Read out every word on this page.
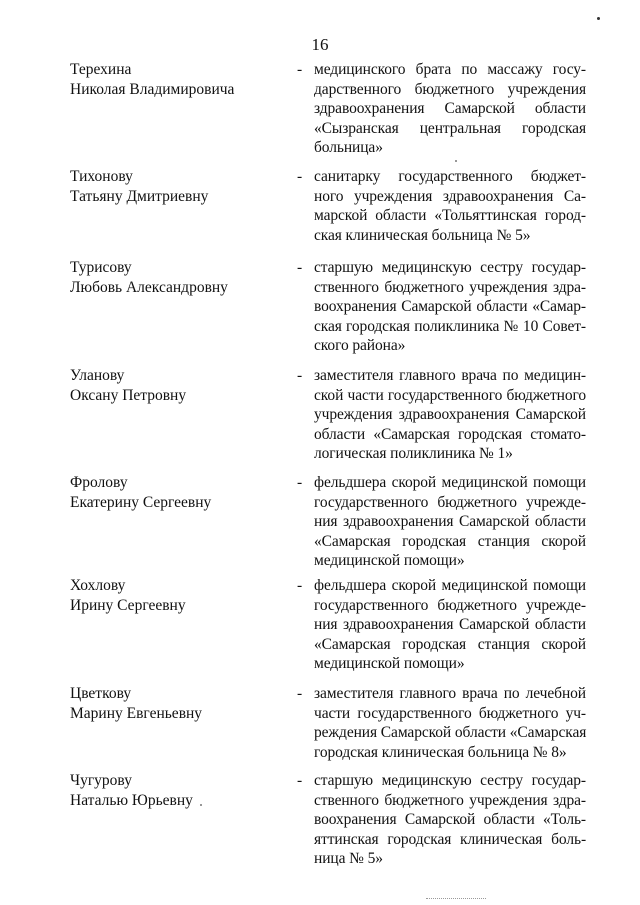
16
Терехина
Николая Владимировича
- медицинского брата по массажу госу-
дарственного бюджетного учреждения
здравоохранения Самарской области
«Сызранская центральная городская
больница»
Тихонову
Татьяну Дмитриевну
- санитарку государственного бюджет-
ного учреждения здравоохранения Са-
марской области «Тольяттинская город-
ская клиническая больница № 5»
Турисову
Любовь Александровну
- старшую медицинскую сестру государ-
ственного бюджетного учреждения здра-
воохранения Самарской области «Самар-
ская городская поликлиника № 10 Совет-
ского района»
Уланову
Оксану Петровну
- заместителя главного врача по медицин-
ской части государственного бюджетного
учреждения здравоохранения Самарской
области «Самарская городская стомато-
логическая поликлиника № 1»
Фролову
Екатерину Сергеевну
- фельдшера скорой медицинской помощи
государственного бюджетного учрежде-
ния здравоохранения Самарской области
«Самарская городская станция скорой
медицинской помощи»
Хохлову
Ирину Сергеевну
- фельдшера скорой медицинской помощи
государственного бюджетного учрежде-
ния здравоохранения Самарской области
«Самарская городская станция скорой
медицинской помощи»
Цветкову
Марину Евгеньевну
- заместителя главного врача по лечебной
части государственного бюджетного уч-
реждения Самарской области «Самарская
городская клиническая больница № 8»
Чугурову
Наталью Юрьевну
- старшую медицинскую сестру государ-
ственного бюджетного учреждения здра-
воохранения Самарской области «Толь-
яттинская городская клиническая боль-
ница № 5»
